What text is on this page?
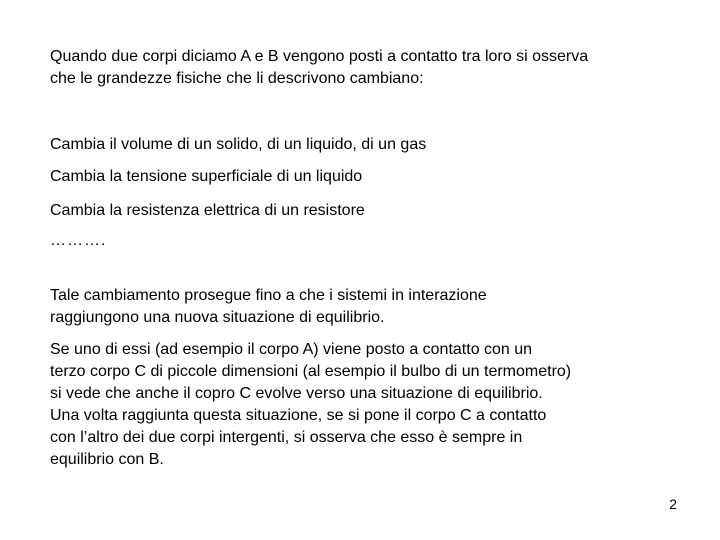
Quando due corpi diciamo A e B vengono posti a contatto tra loro si osserva
che le grandezze fisiche che li descrivono cambiano:

Cambia il volume di un solido, di un liquido, di un gas

Cambia la tensione superficiale di un liquido

Cambia la resistenza elettrica di un resistore

……….

Tale cambiamento prosegue fino a che i sistemi in interazione
raggiungono una nuova situazione di equilibrio.

Se uno di essi (ad esempio il corpo A) viene posto a contatto con un
terzo corpo C di piccole dimensioni (al esempio il bulbo di un termometro)
si vede che anche il copro C evolve verso una situazione di equilibrio.
Una volta raggiunta questa situazione, se si pone il corpo C a contatto
con l’altro dei due corpi intergenti, si osserva che esso è sempre in
equilibrio con B.

2
